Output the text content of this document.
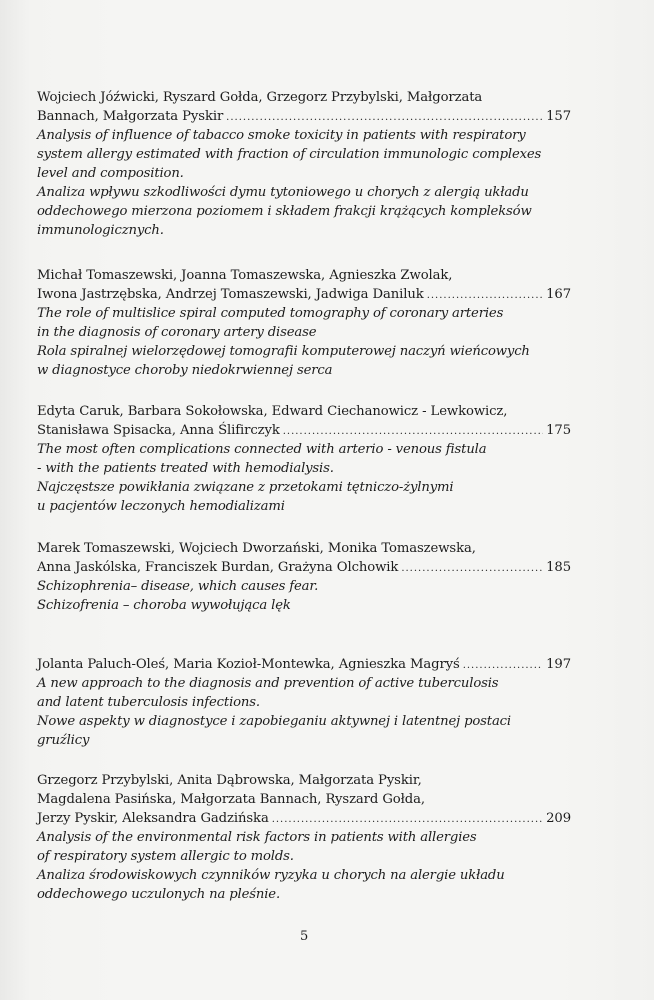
Wojciech Jóźwicki, Ryszard Gołda, Grzegorz Przybylski, Małgorzata
Bannach, Małgorzata Pyskir .....	157
Analysis of influence of tabacco smoke toxicity in patients with respiratory
system allergy estimated with fraction of circulation immunologic complexes
level and composition.
Analiza wpływu szkodliwości dymu tytoniowego u chorych z alergią układu
oddechowego mierzona poziomem i składem frakcji krążących kompleksów
immunologicznych.
Michał Tomaszewski, Joanna Tomaszewska, Agnieszka Zwolak,
Iwona Jastrzębska, Andrzej Tomaszewski, Jadwiga Daniluk .....	167
The role of multislice spiral computed tomography of coronary arteries
in the diagnosis of coronary artery disease
Rola spiralnej wielorzędowej tomografii komputerowej naczyń wieńcowych
w diagnostyce choroby niedokrwiennej serca
Edyta Caruk, Barbara Sokołowska, Edward Ciechanowicz - Lewkowicz,
Stanisława Spisacka, Anna Ślifirczyk .....	175
The most often complications connected with arterio - venous fistula
- with the patients treated with hemodialysis.
Najczęstsze powikłania związane z przetokami tętniczo-żylnymi
u pacjentów leczonych hemodializami
Marek Tomaszewski, Wojciech Dworzański, Monika Tomaszewska,
Anna Jaskólska, Franciszek Burdan, Grażyna Olchowik .....	185
Schizophrenia– disease, which causes fear.
Schizofrenia – choroba wywołująca lęk
Jolanta Paluch-Oleś, Maria Kozioł-Montewka, Agnieszka Magryś .....	197
A new approach to the diagnosis and prevention of active tuberculosis
and latent tuberculosis infections.
Nowe aspekty w diagnostyce i zapobieganiu aktywnej i latentnej postaci
gruźlicy
Grzegorz Przybylski, Anita Dąbrowska, Małgorzata Pyskir,
Magdalena Pasińska, Małgorzata Bannach, Ryszard Gołda,
Jerzy Pyskir, Aleksandra Gadzińska .....	209
Analysis of the environmental risk factors in patients with allergies
of respiratory system allergic to molds.
Analiza środowiskowych czynników ryzyka u chorych na alergie układu
oddechowego uczulonych na pleśnie.
5
